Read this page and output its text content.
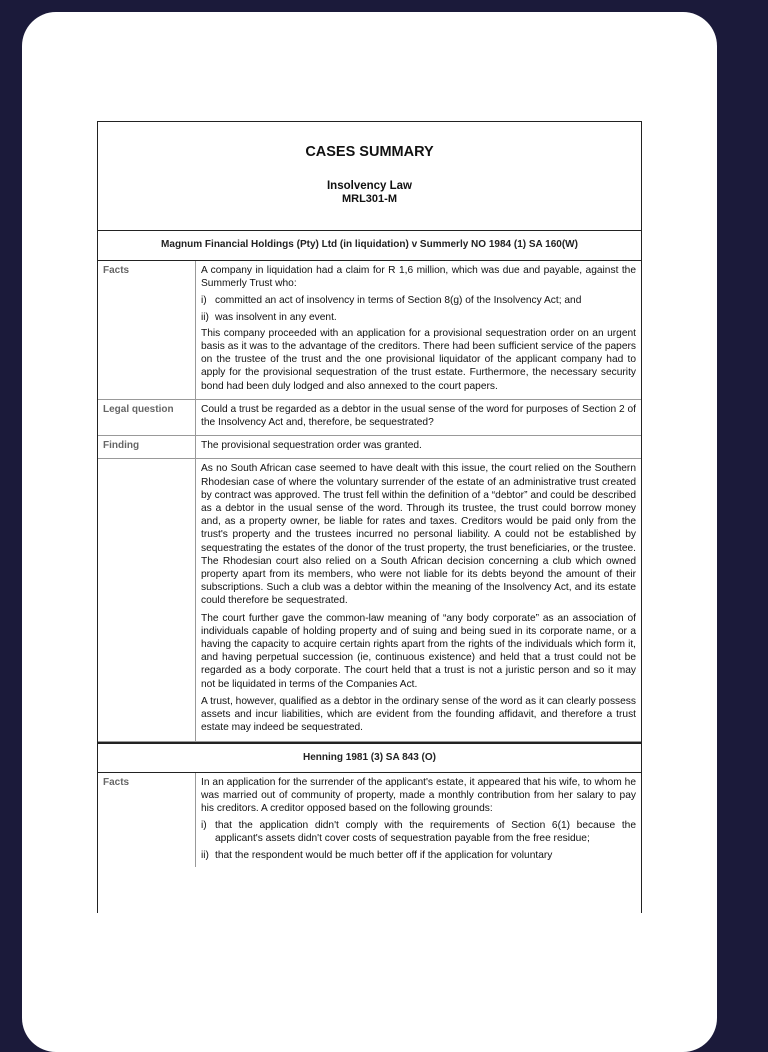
CASES SUMMARY
Insolvency Law
MRL301-M
Magnum Financial Holdings (Pty) Ltd (in liquidation) v Summerly NO 1984 (1) SA 160(W)
Facts	A company in liquidation had a claim for R 1,6 million, which was due and payable, against the Summerly Trust who:

i) committed an act of insolvency in terms of Section 8(g) of the Insolvency Act; and
ii) was insolvent in any event.

This company proceeded with an application for a provisional sequestration order on an urgent basis as it was to the advantage of the creditors. There had been sufficient service of the papers on the trustee of the trust and the one provisional liquidator of the applicant company had to apply for the provisional sequestration of the trust estate. Furthermore, the necessary security bond had been duly lodged and also annexed to the court papers.

Legal question	Could a trust be regarded as a debtor in the usual sense of the word for purposes of Section 2 of the Insolvency Act and, therefore, be sequestrated?

Finding	The provisional sequestration order was granted.

As no South African case seemed to have dealt with this issue, the court relied on the Southern Rhodesian case of where the voluntary surrender of the estate of an administrative trust created by contract was approved. The trust fell within the definition of a “debtor” and could be described as a debtor in the usual sense of the word. Through its trustee, the trust could borrow money and, as a property owner, be liable for rates and taxes. Creditors would be paid only from the trust's property and the trustees incurred no personal liability. A could not be established by sequestrating the estates of the donor of the trust property, the trust beneficiaries, or the trustee. The Rhodesian court also relied on a South African decision concerning a club which owned property apart from its members, who were not liable for its debts beyond the amount of their subscriptions. Such a club was a debtor within the meaning of the Insolvency Act, and its estate could therefore be sequestrated.

The court further gave the common-law meaning of “any body corporate” as an association of individuals capable of holding property and of suing and being sued in its corporate name, or a having the capacity to acquire certain rights apart from the rights of the individuals which form it, and having perpetual succession (ie, continuous existence) and held that a trust could not be regarded as a body corporate. The court held that a trust is not a juristic person and so it may not be liquidated in terms of the Companies Act.

A trust, however, qualified as a debtor in the ordinary sense of the word as it can clearly possess assets and incur liabilities, which are evident from the founding affidavit, and therefore a trust estate may indeed be sequestrated.

Henning 1981 (3) SA 843 (O)
Facts	In an application for the surrender of the applicant's estate, it appeared that his wife, to whom he was married out of community of property, made a monthly contribution from her salary to pay his creditors. A creditor opposed based on the following grounds:

i) that the application didn't comply with the requirements of Section 6(1) because the applicant's assets didn't cover costs of sequestration payable from the free residue;
ii) that the respondent would be much better off if the application for voluntary
